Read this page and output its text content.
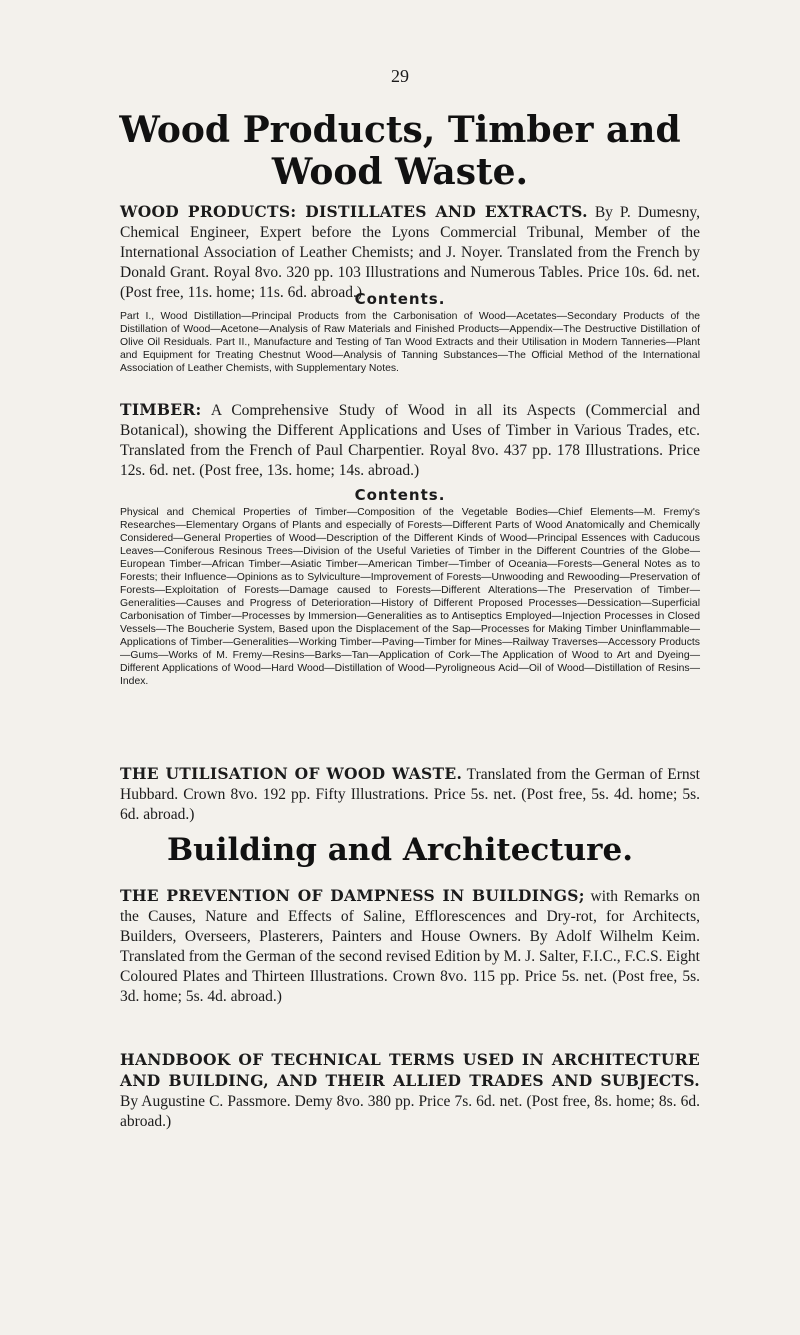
29
Wood Products, Timber and
Wood Waste.
WOOD PRODUCTS: DISTILLATES AND EXTRACTS. By P. Dumesny, Chemical Engineer, Expert before the Lyons Commercial Tribunal, Member of the International Association of Leather Chemists; and J. Noyer. Translated from the French by Donald Grant. Royal 8vo. 320 pp. 103 Illustrations and Numerous Tables. Price 10s. 6d. net. (Post free, 11s. home; 11s. 6d. abroad.)
Contents.
Part I., Wood Distillation—Principal Products from the Carbonisation of Wood—Acetates—Secondary Products of the Distillation of Wood—Acetone—Analysis of Raw Materials and Finished Products—Appendix—The Destructive Distillation of Olive Oil Residuals. Part II., Manufacture and Testing of Tan Wood Extracts and their Utilisation in Modern Tanneries—Plant and Equipment for Treating Chestnut Wood—Analysis of Tanning Substances—The Official Method of the International Association of Leather Chemists, with Supplementary Notes.
TIMBER: A Comprehensive Study of Wood in all its Aspects (Commercial and Botanical), showing the Different Applications and Uses of Timber in Various Trades, etc. Translated from the French of Paul Charpentier. Royal 8vo. 437 pp. 178 Illustrations. Price 12s. 6d. net. (Post free, 13s. home; 14s. abroad.)
Contents.
Physical and Chemical Properties of Timber—Composition of the Vegetable Bodies—Chief Elements—M. Fremy's Researches—Elementary Organs of Plants and especially of Forests—Different Parts of Wood Anatomically and Chemically Considered—General Properties of Wood—Description of the Different Kinds of Wood—Principal Essences with Caducous Leaves—Coniferous Resinous Trees—Division of the Useful Varieties of Timber in the Different Countries of the Globe—European Timber—African Timber—Asiatic Timber—American Timber—Timber of Oceania—Forests—General Notes as to Forests; their Influence—Opinions as to Sylviculture—Improvement of Forests—Unwooding and Rewooding—Preservation of Forests—Exploitation of Forests—Damage caused to Forests—Different Alterations—The Preservation of Timber—Generalities—Causes and Progress of Deterioration—History of Different Proposed Processes—Dessication—Superficial Carbonisation of Timber—Processes by Immersion—Generalities as to Antiseptics Employed—Injection Processes in Closed Vessels—The Boucherie System, Based upon the Displacement of the Sap—Processes for Making Timber Uninflammable—Applications of Timber—Generalities—Working Timber—Paving—Timber for Mines—Railway Traverses—Accessory Products—Gums—Works of M. Fremy—Resins—Barks—Tan—Application of Cork—The Application of Wood to Art and Dyeing—Different Applications of Wood—Hard Wood—Distillation of Wood—Pyroligneous Acid—Oil of Wood—Distillation of Resins—Index.
THE UTILISATION OF WOOD WASTE. Translated from the German of Ernst Hubbard. Crown 8vo. 192 pp. Fifty Illustrations. Price 5s. net. (Post free, 5s. 4d. home; 5s. 6d. abroad.)
Building and Architecture.
THE PREVENTION OF DAMPNESS IN BUILDINGS; with Remarks on the Causes, Nature and Effects of Saline, Efflorescences and Dry-rot, for Architects, Builders, Overseers, Plasterers, Painters and House Owners. By Adolf Wilhelm Keim. Translated from the German of the second revised Edition by M. J. Salter, F.I.C., F.C.S. Eight Coloured Plates and Thirteen Illustrations. Crown 8vo. 115 pp. Price 5s. net. (Post free, 5s. 3d. home; 5s. 4d. abroad.)
HANDBOOK OF TECHNICAL TERMS USED IN ARCHITECTURE AND BUILDING, AND THEIR ALLIED TRADES AND SUBJECTS. By Augustine C. Passmore. Demy 8vo. 380 pp. Price 7s. 6d. net. (Post free, 8s. home; 8s. 6d. abroad.)
